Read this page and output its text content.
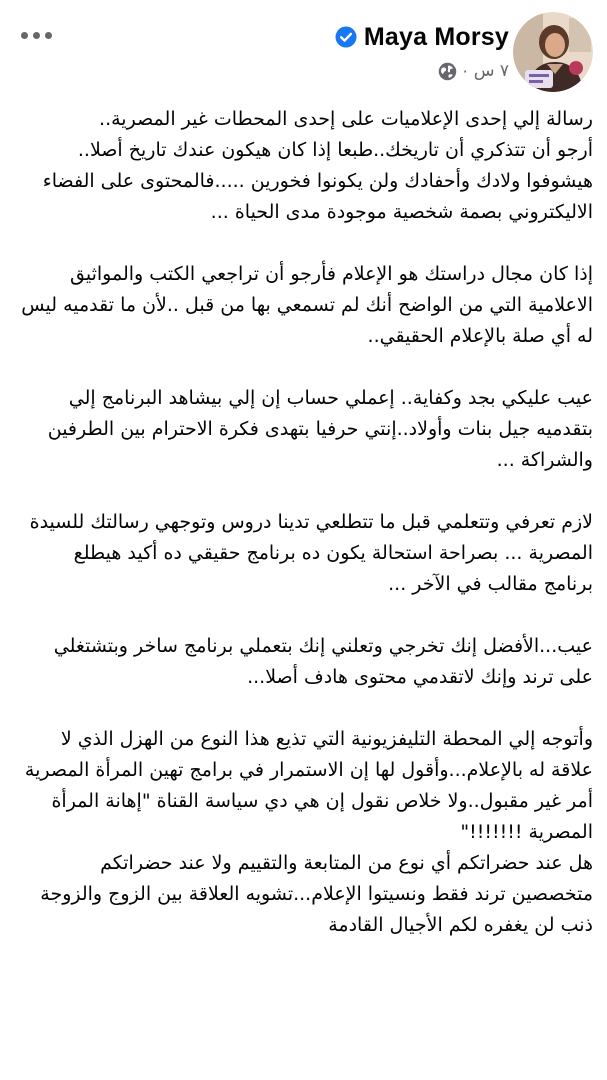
Maya Morsy
· ٧ س

رسالة إلي إحدى الإعلاميات على إحدى المحطات غير المصرية..
أرجو أن تتذكري أن تاريخك..طبعا إذا كان هيكون عندك تاريخ أصلا.. هيشوفوا ولادك وأحفادك ولن يكونوا فخورين .....فالمحتوى على الفضاء الاليكتروني بصمة شخصية موجودة مدى الحياة ...

إذا كان مجال دراستك هو الإعلام فأرجو أن تراجعي الكتب والمواثيق الاعلامية التي من الواضح أنك لم تسمعي بها من قبل ..لأن ما تقدميه ليس له أي صلة بالإعلام الحقيقي..

عيب عليكي بجد وكفاية.. إعملي حساب إن إلي بيشاهد البرنامج إلي بتقدميه جيل بنات وأولاد..إنتي حرفيا بتهدى فكرة الاحترام بين الطرفين والشراكة ...

لازم تعرفي وتتعلمي قبل ما تتطلعي تدينا دروس وتوجهي رسالتك للسيدة المصرية ... بصراحة استحالة يكون ده برنامج حقيقي ده أكيد هيطلع برنامج مقالب في الآخر ...

عيب...الأفضل إنك تخرجي وتعلني إنك بتعملي برنامج ساخر وبتشتغلي على ترند وإنك لاتقدمي محتوى هادف أصلا...

وأتوجه إلي المحطة التليفزيونية التي تذيع هذا النوع من الهزل الذي لا علاقة له بالإعلام...وأقول لها إن الاستمرار في برامج تهين المرأة المصرية أمر غير مقبول..ولا خلاص نقول إن هي دي سياسة القناة "إهانة المرأة المصرية !!!!!!!"

هل عند حضراتكم أي نوع من المتابعة والتقييم ولا عند حضراتكم متخصصين ترند فقط ونسيتوا الإعلام...تشويه العلاقة بين الزوج والزوجة ذنب لن يغفره لكم الأجيال القادمة
